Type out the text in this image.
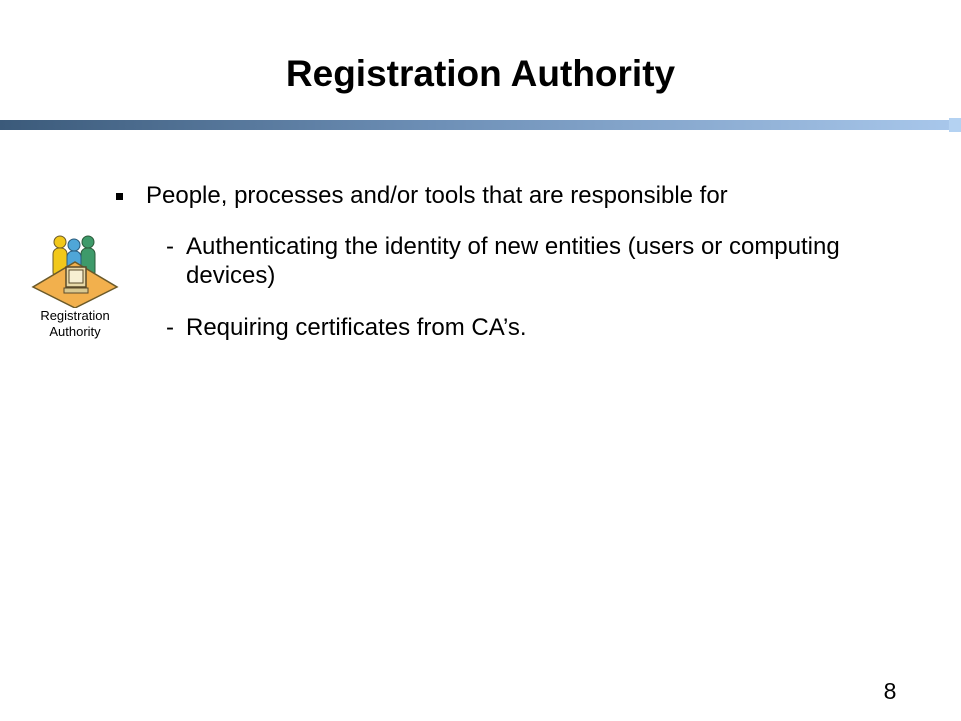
Registration Authority
Registration
Authority
People, processes and/or tools that are responsible for
- Authenticating the identity of new entities (users or computing devices)
- Requiring certificates from CA’s.
8
